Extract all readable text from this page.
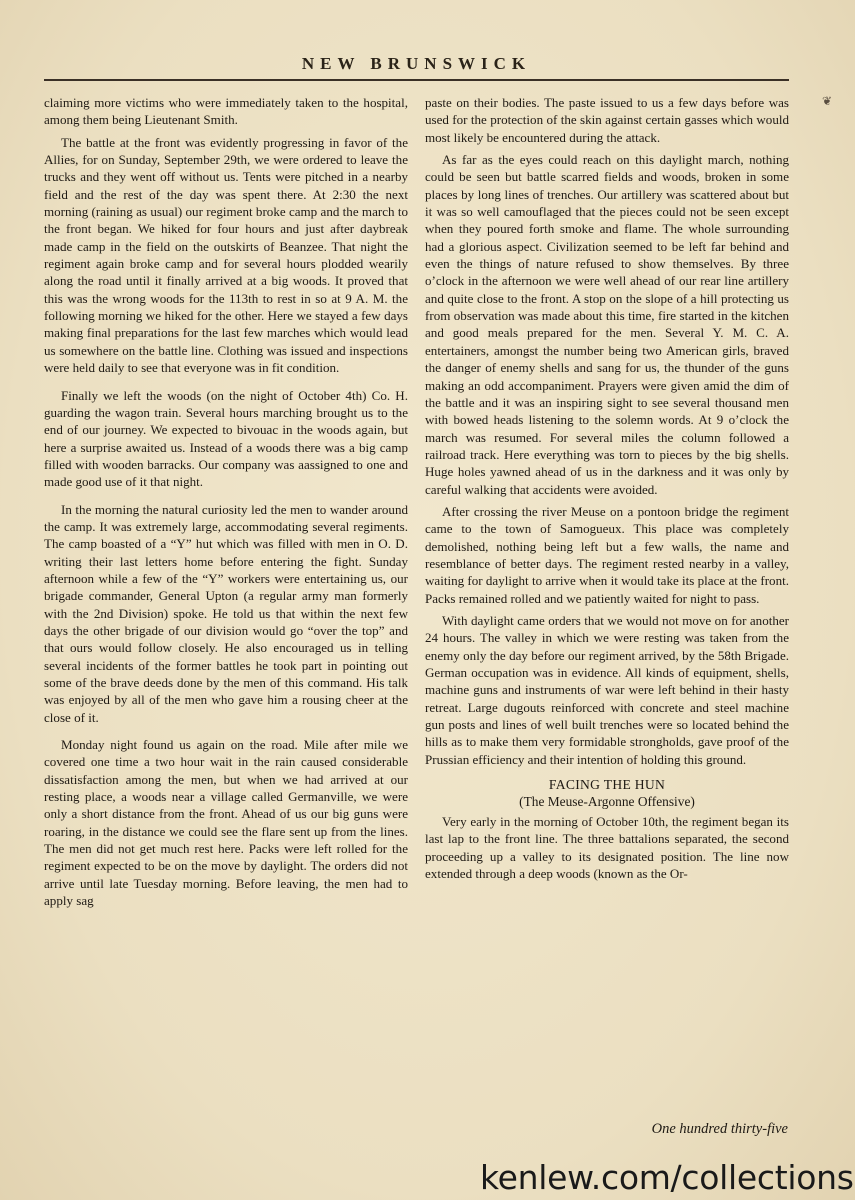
NEW BRUNSWICK
❦

claiming more victims who were immediately taken to the hospital, among them being Lieutenant Smith.

The battle at the front was evidently progressing in favor of the Allies, for on Sunday, September 29th, we were ordered to leave the trucks and they went off without us. Tents were pitched in a nearby field and the rest of the day was spent there. At 2:30 the next morning (raining as usual) our regiment broke camp and the march to the front began. We hiked for four hours and just after daybreak made camp in the field on the outskirts of Beanzee. That night the regiment again broke camp and for several hours plodded wearily along the road until it finally arrived at a big woods. It proved that this was the wrong woods for the 113th to rest in so at 9 A. M. the following morning we hiked for the other. Here we stayed a few days making final preparations for the last few marches which would lead us somewhere on the battle line. Clothing was issued and inspections were held daily to see that everyone was in fit condition.

Finally we left the woods (on the night of October 4th) Co. H. guarding the wagon train. Several hours marching brought us to the end of our journey. We expected to bivouac in the woods again, but here a surprise awaited us. Instead of a woods there was a big camp filled with wooden barracks. Our company was aassigned to one and made good use of it that night.

In the morning the natural curiosity led the men to wander around the camp. It was extremely large, accommodating several regiments. The camp boasted of a “Y” hut which was filled with men in O. D. writing their last letters home before entering the fight. Sunday afternoon while a few of the “Y” workers were entertaining us, our brigade commander, General Upton (a regular army man formerly with the 2nd Division) spoke. He told us that within the next few days the other brigade of our division would go “over the top” and that ours would follow closely. He also encouraged us in telling several incidents of the former battles he took part in pointing out some of the brave deeds done by the men of this command. His talk was enjoyed by all of the men who gave him a rousing cheer at the close of it.

Monday night found us again on the road. Mile after mile we covered one time a two hour wait in the rain caused considerable dissatisfaction among the men, but when we had arrived at our resting place, a woods near a village called Germanville, we were only a short distance from the front. Ahead of us our big guns were roaring, in the distance we could see the flare sent up from the lines. The men did not get much rest here. Packs were left rolled for the regiment expected to be on the move by daylight. The orders did not arrive until late Tuesday morning. Before leaving, the men had to apply sag

paste on their bodies. The paste issued to us a few days before was used for the protection of the skin against certain gasses which would most likely be encountered during the attack.

As far as the eyes could reach on this daylight march, nothing could be seen but battle scarred fields and woods, broken in some places by long lines of trenches. Our artillery was scattered about but it was so well camouflaged that the pieces could not be seen except when they poured forth smoke and flame. The whole surrounding had a glorious aspect. Civilization seemed to be left far behind and even the things of nature refused to show themselves. By three o’clock in the afternoon we were well ahead of our rear line artillery and quite close to the front. A stop on the slope of a hill protecting us from observation was made about this time, fire started in the kitchen and good meals prepared for the men. Several Y. M. C. A. entertainers, amongst the number being two American girls, braved the danger of enemy shells and sang for us, the thunder of the guns making an odd accompaniment. Prayers were given amid the dim of the battle and it was an inspiring sight to see several thousand men with bowed heads listening to the solemn words. At 9 o’clock the march was resumed. For several miles the column followed a railroad track. Here everything was torn to pieces by the big shells. Huge holes yawned ahead of us in the darkness and it was only by careful walking that accidents were avoided.

After crossing the river Meuse on a pontoon bridge the regiment came to the town of Samogueux. This place was completely demolished, nothing being left but a few walls, the name and resemblance of better days. The regiment rested nearby in a valley, waiting for daylight to arrive when it would take its place at the front. Packs remained rolled and we patiently waited for night to pass.

With daylight came orders that we would not move on for another 24 hours. The valley in which we were resting was taken from the enemy only the day before our regiment arrived, by the 58th Brigade. German occupation was in evidence. All kinds of equipment, shells, machine guns and instruments of war were left behind in their hasty retreat. Large dugouts reinforced with concrete and steel machine gun posts and lines of well built trenches were so located behind the hills as to make them very formidable strongholds, gave proof of the Prussian efficiency and their intention of holding this ground.

FACING THE HUN
(The Meuse-Argonne Offensive)

Very early in the morning of October 10th, the regiment began its last lap to the front line. The three battalions separated, the second proceeding up a valley to its designated position. The line now extended through a deep woods (known as the Or-

One hundred thirty-five
kenlew.com/collections
